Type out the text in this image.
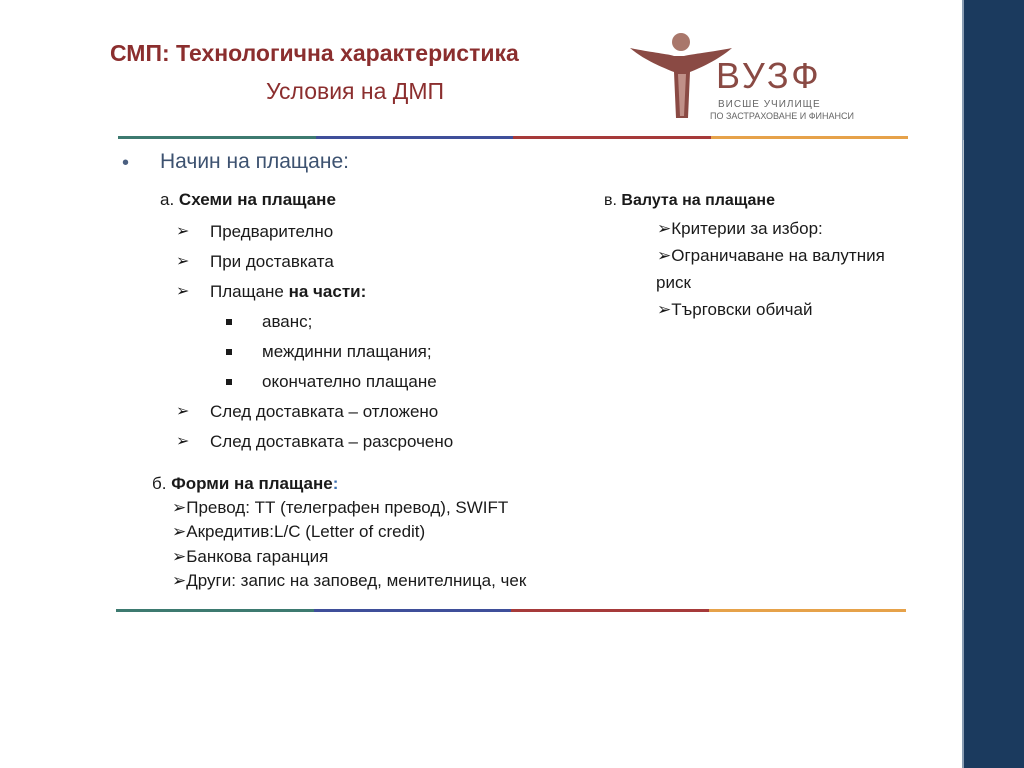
СМП: Технологична характеристика
Условия на ДМП	ВУЗФ
ВИСШЕ УЧИЛИЩЕ
ПО ЗАСТРАХОВАНЕ И ФИНАНСИ
• Начин на плащане:
а. Схеми на плащане
➢ Предварително
➢ При доставката
➢ Плащане на части:
аванс;
междинни плащания;
окончателно плащане
➢ След доставката – отложено
➢ След доставката – разсрочено
б. Форми на плащане:
➢Превод: ТТ (телеграфен превод), SWIFT
➢Акредитив:L/C (Letter of credit)
➢Банкова гаранция
➢Други: запис на заповед, менителница, чек
в. Валута на плащане
➢Критерии за избор:
➢Ограничаване на валутния
риск
➢Търговски обичай
